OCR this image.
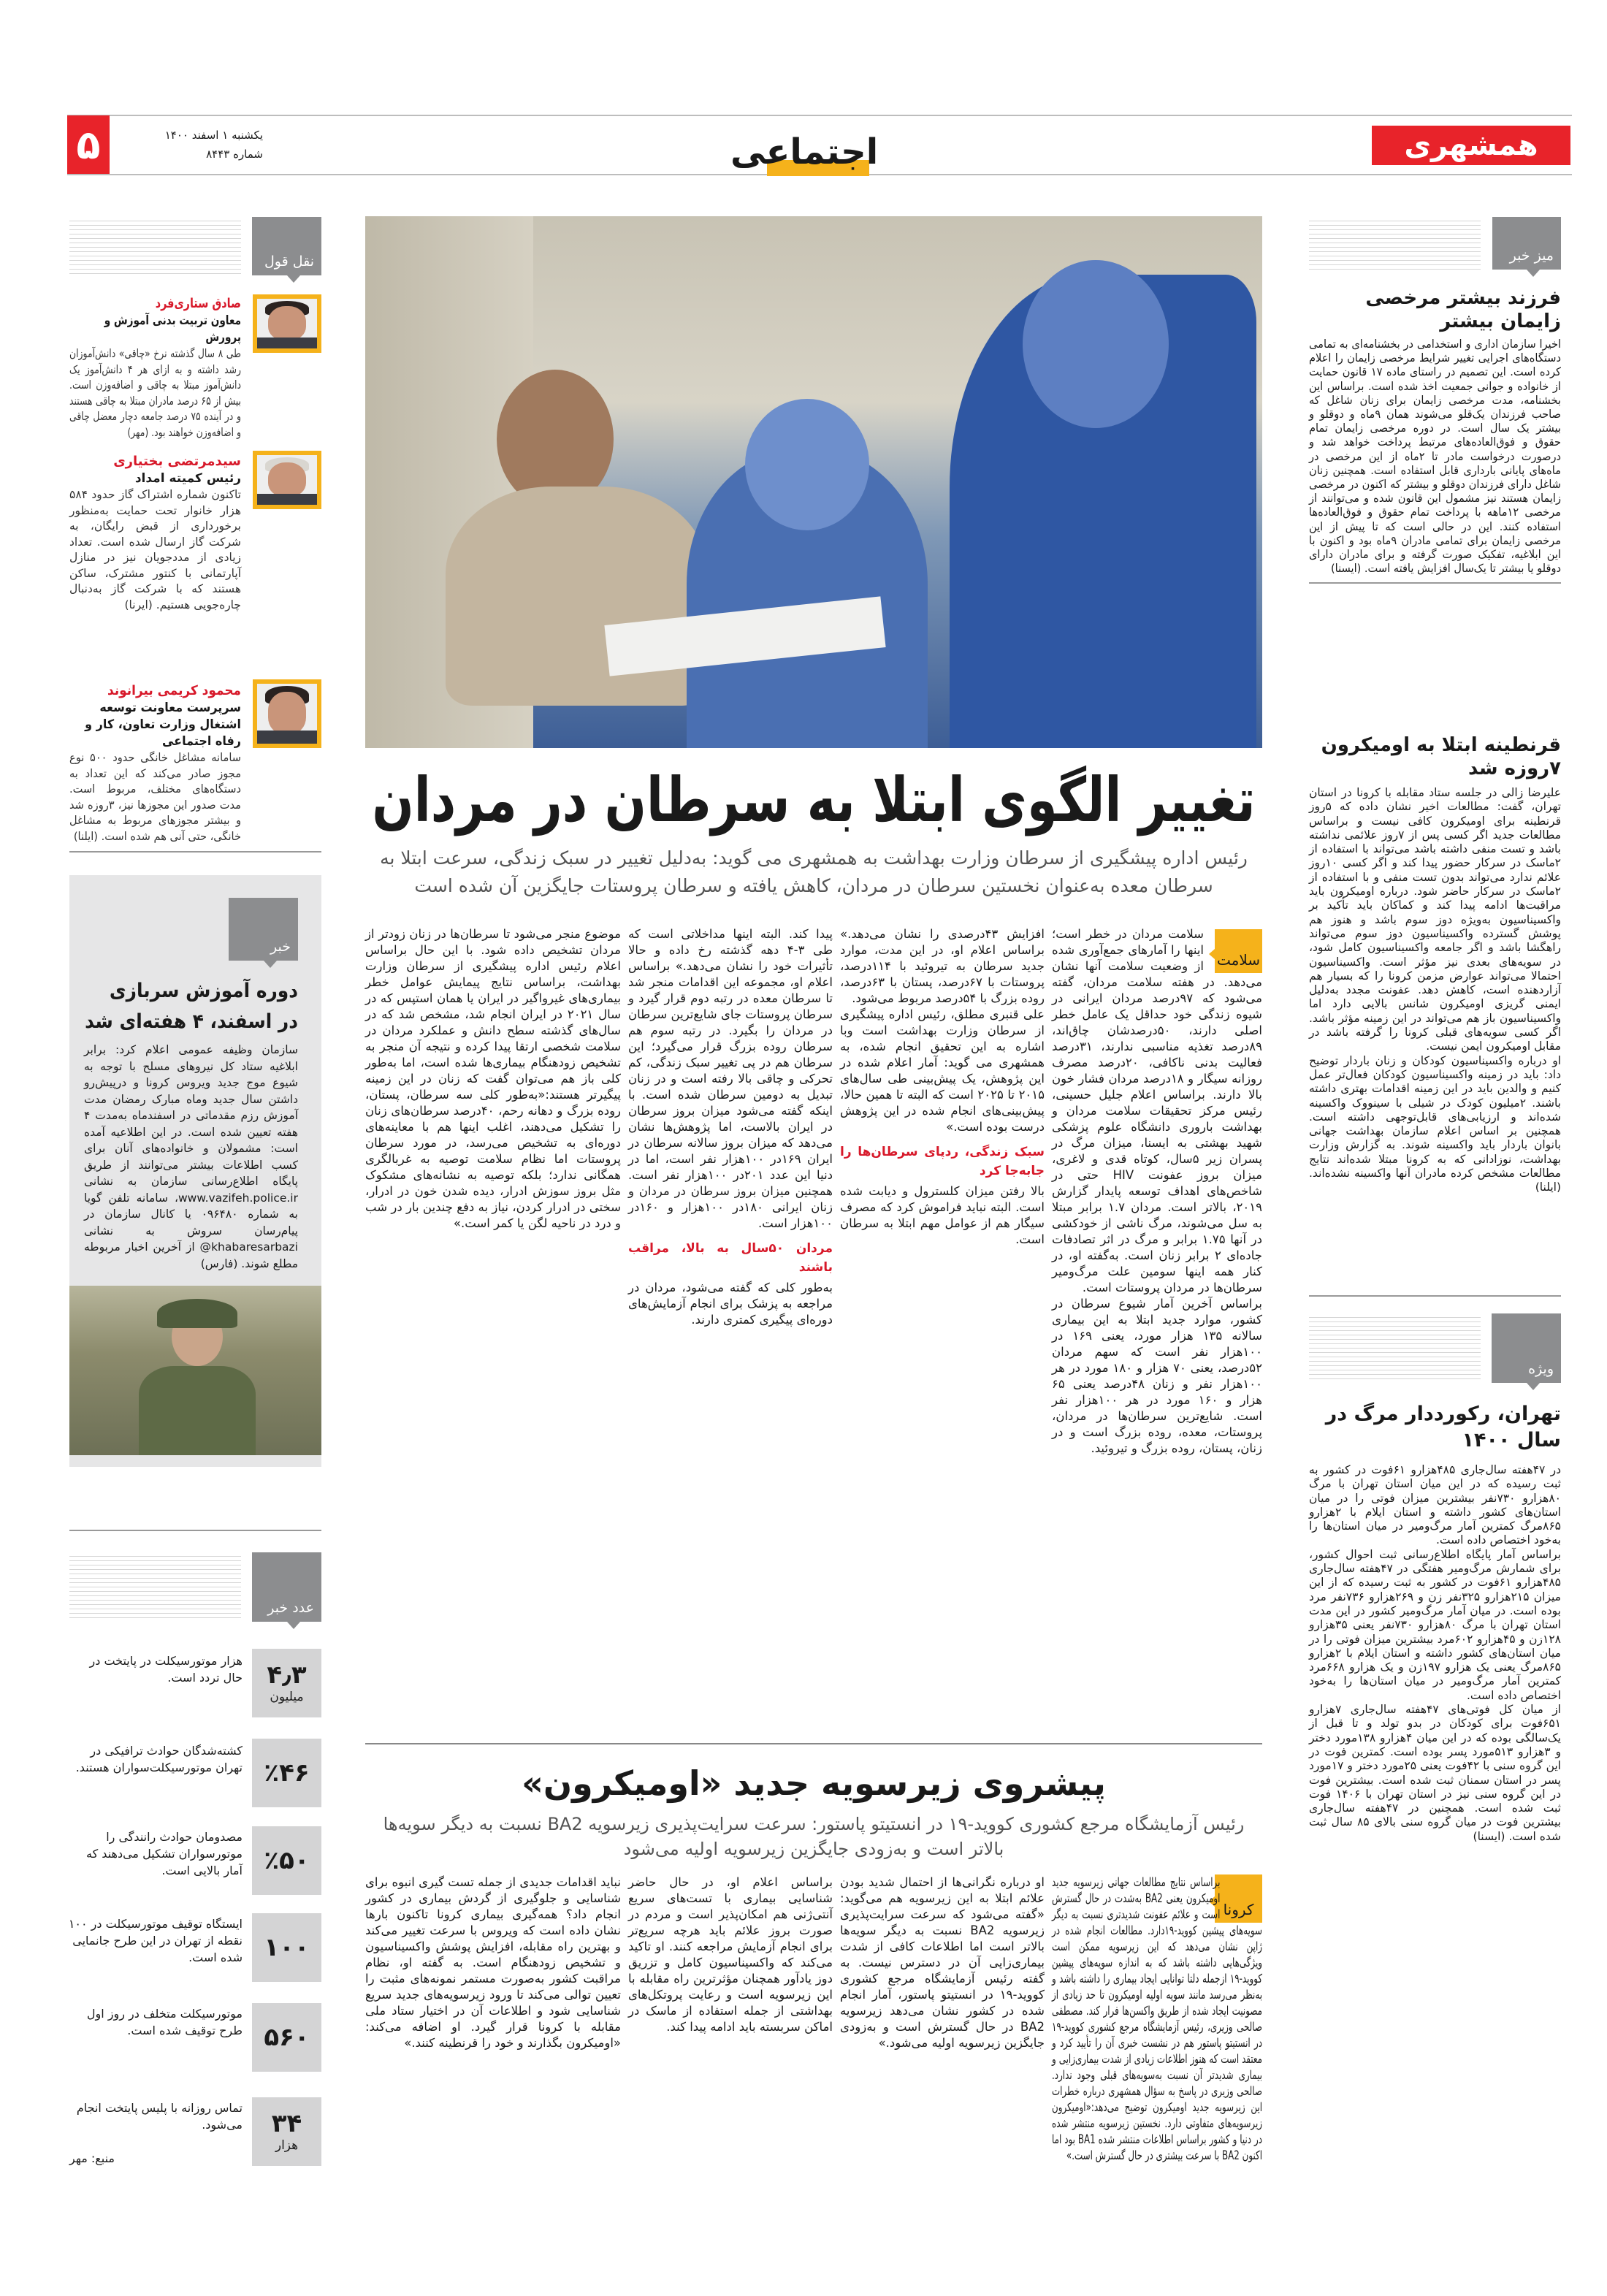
۵	یکشنبه ۱ اسفند ۱۴۰۰
شماره ۸۴۴۳	اجتماعی	همشهری
تغییر الگوی ابتلا به سرطان در مردان
رئیس اداره پیشگیری از سرطان وزارت بهداشت به همشهری می گوید: به‌دلیل تغییر در سبک زندگی، سرعت ابتلا به سرطان معده به‌عنوان نخستین سرطان در مردان، کاهش یافته و سرطان پروستات جایگزین آن شده است
سلامت

سلامت مردان در خطر است؛ اینها را آمارهای جمع‌آوری شده از وضعیت سلامت آنها نشان می‌دهد. در هفته سلامت مردان، گفته می‌شود که ۹۷درصد مردان ایرانی در شیوه زندگی خود حداقل یک عامل خطر اصلی دارند، ۵۰درصدشان چاق‌اند، ۸۹درصد تغذیه مناسبی ندارند، ۳۱درصد فعالیت بدنی ناکافی، ۲۰درصد مصرف روزانه سیگار و ۱۸درصد مردان فشار خون بالا دارند. براساس اعلام جلیل حسینی، رئیس مرکز تحقیقات سلامت مردان و بهداشت باروری دانشگاه علوم پزشکی شهید بهشتی به ایسنا، میزان مرگ در پسران زیر ۵سال، کوتاه قدی و لاغری، میزان بروز عفونت HIV حتی در شاخص‌های اهداف توسعه پایدار گزارش ۲۰۱۹، بالاتر است. مردان ۱.۷ برابر مبتلا به سل می‌شوند، مرگ ناشی از خودکشی در آنها ۱.۷۵ برابر و مرگ در اثر تصادفات جاده‌ای ۲ برابر زنان است. به‌گفته او، در کنار همه اینها سومین علت مرگ‌ومیر سرطان‌ها در مردان پروستات است.

براساس آخرین آمار شیوع سرطان در کشور، موارد جدید ابتلا به این بیماری سالانه ۱۳۵ هزار مورد، یعنی ۱۶۹ در ۱۰۰هزار نفر است که سهم مردان ۵۲درصد، یعنی ۷۰ هزار و ۱۸۰ مورد در هر ۱۰۰هزار نفر و زنان ۴۸درصد یعنی ۶۵ هزار و ۱۶۰ مورد در هر ۱۰۰هزار نفر است. شایع‌ترین سرطان‌ها در مردان، پروستات، معده، روده بزرگ است و در زنان، پستان، روده بزرگ و تیروئید.

افزایش ۴۳درصدی را نشان می‌دهد.» براساس اعلام او، در این مدت، موارد جدید سرطان به تیروئید با ۱۱۴درصد، پروستات با ۶۷درصد، پستان با ۶۳درصد، روده بزرگ با ۵۴درصد مربوط می‌شود.

علی قنبری مطلق، رئیس اداره پیشگیری از سرطان وزارت بهداشت است وبا اشاره به این تحقیق انجام شده، به همشهری می گوید: آمار اعلام شده در این پژوهش، یک پیش‌بینی طی سال‌های ۲۰۱۵ تا ۲۰۲۵ است که البته تا همین حالا، پیش‌بینی‌های انجام شده در این پژوهش درست بوده است.»

سبک زندگی، ردپای سرطان‌ها را جابه‌جا کرد

بالا رفتن میزان کلسترول و دیابت شده است. البته نباید فراموش کرد که مصرف سیگار هم از عوامل مهم ابتلا به سرطان است.

پیدا کند. البته اینها مداخلاتی است که طی ۳-۴ دهه گذشته رخ داده و حالا تأثیرات خود را نشان می‌دهد.» براساس اعلام او، مجموعه این اقدامات منجر شد تا سرطان معده در رتبه دوم قرار گیرد و سرطان پروستات جای شایع‌ترین سرطان در مردان را بگیرد. در رتبه سوم هم سرطان روده بزرگ قرار می‌گیرد؛ این سرطان هم در پی تغییر سبک زندگی، کم تحرکی و چاقی بالا رفته است و در زنان تبدیل به دومین سرطان شده است. با اینکه گفته می‌شود میزان بروز سرطان در ایران بالاست، اما پژوهش‌ها نشان می‌دهد که میزان بروز سالانه سرطان در ایران ۱۶۹در ۱۰۰هزار نفر است، اما در دنیا این عدد ۲۰۱در ۱۰۰هزار نفر است. همچنین میزان بروز سرطان در مردان و زنان ایرانی ۱۸۰در ۱۰۰هزار و ۱۶۰در ۱۰۰هزار است.

مردان ۵۰سال به بالا، مراقب باشند

به‌طور کلی که گفته می‌شود، مردان در مراجعه به پزشک برای انجام آزمایش‌های دوره‌ای پیگیری کمتری دارند.

موضوع منجر می‌شود تا سرطان‌ها در زنان زودتر از مردان تشخیص داده شود. با این حال براساس اعلام رئیس اداره پیشگیری از سرطان وزارت بهداشت، براساس نتایج پیمایش عوامل خطر بیماری‌های غیرواگیر در ایران یا همان استپس که در سال ۲۰۲۱ در ایران انجام شد، مشخص شد که در سال‌های گذشته سطح دانش و عملکرد مردان در سلامت شخصی ارتقا پیدا کرده و نتیجه آن منجر به تشخیص زودهنگام بیماری‌ها شده است، اما به‌طور کلی باز هم می‌توان گفت که زنان در این زمینه پیگیرتر هستند:«به‌طور کلی سه سرطان، پستان، روده بزرگ و دهانه رحم، ۴۰درصد سرطان‌های زنان را تشکیل می‌دهند، اغلب اینها هم با معاینه‌های دوره‌ای به تشخیص می‌رسد، در مورد سرطان پروستات اما نظام سلامت توصیه به غربالگری همگانی ندارد؛ بلکه توصیه به نشانه‌های مشکوک مثل بروز سوزش ادرار، دیده شدن خون در ادرار، سختی در ادرار کردن، نیاز به دفع چندین بار در شب و درد در ناحیه لگن یا کمر است.»

پیشروی زیرسویه جدید «اومیکرون»
رئیس آزمایشگاه مرجع کشوری کووید-۱۹ در انستیتو پاستور: سرعت سرایت‌پذیری زیرسویه BA2 نسبت به دیگر سویه‌ها بالاتر است و به‌زودی جایگزین زیرسویه اولیه می‌شود
کرونا

براساس نتایج مطالعات جهانی زیرسویه جدید اومیکرون یعنی BA2 به‌شدت در حال گسترش است و علائم عفونت شدیدتری نسبت به دیگر سویه‌های پیشین کووید-۱۹دارد. مطالعات انجام شده در ژاپن نشان می‌دهد که این زیرسویه ممکن است ویژگی‌هایی داشته باشد که به اندازه سویه‌های پیشین کووید-۱۹ ازجمله دلتا توانایی ایجاد بیماری را داشته باشد و به‌نظر می‌رسد مانند سویه اولیه اومیکرون تا حد زیادی از مصونیت ایجاد شده از طریق واکسن‌ها فرار کند. مصطفی صالحی وزیری، رئیس آزمایشگاه مرجع کشوری کووید-۱۹ در انستیتو پاستور هم در نشست خبری آن را تأیید کرد و معتقد است که هنوز اطلاعات زیادی از شدت بیماری‌زایی و بیماری شدیدتر آن نسبت به‌سویه‌های قبلی وجود ندارد. صالحی وزیری در پاسخ به سؤال همشهری درباره خطرات این زیرسویه جدید اومیکرون توضیح می‌دهد:«اومیکرون زیرسویه‌های متفاوتی دارد. نخستین زیرسویه منتشر شده در دنیا و کشور براساس اطلاعات منتشر شده BA1 بود اما اکنون BA2 با سرعت بیشتری در حال گسترش است.»

او درباره نگرانی‌ها از احتمال شدید بودن علائم ابتلا به این زیرسویه هم می‌گوید: «گفته می‌شود که سرعت سرایت‌پذیری زیرسویه BA2 نسبت به دیگر سویه‌ها بالاتر است اما اطلاعات کافی از شدت بیماری‌زایی آن در دسترس نیست. به گفته رئیس آزمایشگاه مرجع کشوری کووید-۱۹ در انستیتو پاستور، آمار انجام شده در کشور نشان می‌دهد زیرسویه BA2 در حال گسترش است و به‌زودی جایگزین زیرسویه اولیه می‌شود.»

براساس اعلام او، در حال حاضر شناسایی بیماری با تست‌های سریع آنتی‌ژنی هم امکان‌پذیر است و مردم در صورت بروز علائم باید هرچه سریع‌تر برای انجام آزمایش مراجعه کنند. او تاکید می‌کند که واکسیناسیون کامل و تزریق دوز یادآور همچنان مؤثرترین راه مقابله با این زیرسویه است و رعایت پروتکل‌های بهداشتی از جمله استفاده از ماسک در اماکن سربسته باید ادامه پیدا کند.

نباید اقدامات جدیدی از جمله تست گیری انبوه برای شناسایی و جلوگیری از گردش بیماری در کشور انجام داد؟ همه‌گیری بیماری کرونا تاکنون بارها نشان داده است که ویروس با سرعت تغییر می‌کند و بهترین راه مقابله، افزایش پوشش واکسیناسیون و تشخیص زودهنگام است. به گفته او، نظام مراقبت کشور به‌صورت مستمر نمونه‌های مثبت را تعیین توالی می‌کند تا ورود زیرسویه‌های جدید سریع شناسایی شود و اطلاعات آن در اختیار ستاد ملی مقابله با کرونا قرار گیرد. او اضافه می‌کند: «اومیکرون بگذارند و خود را قرنطینه کنند.»

نقل قول
صادق ستاری‌فرد
معاون تربیت بدنی آموزش و پرورش
طی ۸ سال گذشته نرخ «چاقی» دانش‌آموزان رشد داشته و به ازای هر ۴ دانش‌آموز یک دانش‌آموز مبتلا به چاقی و اضافه‌وزن است. بیش از ۶۵ درصد مادران مبتلا به چاقی هستند و در آینده ۷۵ درصد جامعه دچار معضل چاقی و اضافه‌وزن خواهند بود. (مهر)
سیدمرتضی بختیاری
رئیس کمیته امداد
تاکنون شماره اشتراک گاز حدود ۵۸۴ هزار خانوار تحت حمایت به‌منظور برخورداری از قبض رایگان، به شرکت گاز ارسال شده است. تعداد زیادی از مددجویان نیز در منازل آپارتمانی با کنتور مشترک، ساکن هستند که با شرکت گاز به‌دنبال چاره‌جویی هستیم. (ایرنا)
محمود کریمی بیرانوند
سرپرست معاونت توسعه اشتغال وزارت تعاون، کار و رفاه اجتماعی
سامانه مشاغل خانگی حدود ۵۰۰ نوع مجوز صادر می‌کند که این تعداد به دستگاه‌های مختلف، مربوط است. مدت صدور این مجوزها نیز، ۳روزه شد و بیشتر مجوزهای مربوط به مشاغل خانگی، حتی آنی هم شده است. (ایلنا)
خبر
دوره آموزش سربازی در اسفند، ۴ هفته‌ای شد
سازمان وظیفه عمومی اعلام کرد: برابر ابلاغیه ستاد کل نیروهای مسلح با توجه به شیوع موج جدید ویروس کرونا و درپیش‌رو داشتن سال جدید وماه مبارک رمضان مدت آموزش رزم مقدماتی در اسفندماه به‌مدت ۴ هفته تعیین شده است. در این اطلاعیه آمده است: مشمولان و خانواده‌های آنان برای کسب اطلاعات بیشتر می‌توانند از طریق پایگاه اطلاع‌رسانی سازمان به نشانی www.vazifeh.police.ir، سامانه تلفن گویا به شماره ۰۹۶۴۸۰ یا کانال سازمان در پیام‌رسان سروش به نشانی khabaresarbazi@ از آخرین اخبار مربوطه مطلع شوند. (فارس)
عدد خبر
۴٫۳
میلیون
هزار موتورسیکلت در پایتخت در حال تردد است.
٪۴۶
کشته‌شدگان حوادث ترافیکی در تهران موتورسیکلت‌سواران هستند.
٪۵۰
مصدومان حوادث رانندگی را موتورسواران تشکیل می‌دهند که آمار بالایی است.
۱۰۰
ایستگاه توقیف موتورسیکلت در ۱۰۰ نقطه از تهران در این طرح جانمایی شده است.
۵۶۰
موتورسیکلت متخلف در روز اول طرح توقیف شده است.
۳۴
هزار
تماس روزانه با پلیس پایتخت انجام می‌شود.
منبع: مهر
میز خبر
فرزند بیشتر مرخصی زایمان بیشتر
اخیرا سازمان اداری و استخدامی در بخشنامه‌ای به تمامی دستگاه‌های اجرایی تغییر شرایط مرخصی زایمان را اعلام کرده است. این تصمیم در راستای ماده ۱۷ قانون حمایت از خانواده و جوانی جمعیت اخذ شده است. براساس این بخشنامه، مدت مرخصی زایمان برای زنان شاغل که صاحب فرزندان یک‌قلو می‌شوند همان ۹ماه و دوقلو و بیشتر یک سال است. در دوره مرخصی زایمان تمام حقوق و فوق‌العاده‌های مرتبط پرداخت خواهد شد و درصورت درخواست مادر تا ۲ماه از این مرخصی در ماه‌های پایانی بارداری قابل استفاده است. همچنین زنان شاغل دارای فرزندان دوقلو و بیشتر که اکنون در مرخصی زایمان هستند نیز مشمول این قانون شده و می‌توانند از مرخصی ۱۲ماهه با پرداخت تمام حقوق و فوق‌العاده‌ها استفاده کنند. این در حالی است که تا پیش از این مرخصی زایمان برای تمامی مادران ۹ماه بود و اکنون با این ابلاغیه، تفکیک صورت گرفته و برای مادران دارای دوقلو یا بیشتر تا یک‌سال افزایش یافته است. (ایسنا)
قرنطینه ابتلا به اومیکرون ۷روزه شد

علیرضا زالی در جلسه ستاد مقابله با کرونا در استان تهران، گفت: مطالعات اخیر نشان داده که ۵روز قرنطینه برای اومیکرون کافی نیست و براساس مطالعات جدید اگر کسی پس از ۷روز علائمی نداشته باشد و تست منفی داشته باشد می‌تواند با استفاده از ۲ماسک در سرکار حضور پیدا کند و اگر کسی ۱۰روز علائم ندارد می‌تواند بدون تست منفی و با استفاده از ۲ماسک در سرکار حاضر شود. درباره اومیکرون باید مراقبت‌ها ادامه پیدا کند و کماکان باید تأکید بر واکسیناسیون به‌ویژه دوز سوم باشد و هنوز هم پوشش گسترده واکسیناسیون دوز سوم می‌تواند راهگشا باشد و اگر جامعه واکسیناسیون کامل شود، در سویه‌های بعدی نیز مؤثر است. واکسیناسیون احتمالا می‌تواند عوارض مزمن کرونا را که بسیار هم آزاردهنده است، کاهش دهد. عفونت مجدد به‌دلیل ایمنی گریزی اومیکرون شانس بالایی دارد اما واکسیناسیون باز هم می‌تواند در این زمینه مؤثر باشد. اگر کسی سویه‌های قبلی کرونا را گرفته باشد در مقابل اومیکرون ایمن نیست.

او درباره واکسیناسیون کودکان و زنان باردار توضیح داد: باید در زمینه واکسیناسیون کودکان فعال‌تر عمل کنیم و والدین باید در این زمینه اقدامات بهتری داشته باشند. ۲میلیون کودک در شیلی با سینووک واکسینه شده‌اند و ارزیابی‌های قابل‌توجهی داشته است. همچنین بر اساس اعلام سازمان بهداشت جهانی بانوان باردار باید واکسینه شوند. به گزارش وزارت بهداشت، نوزادانی که به کرونا مبتلا شده‌اند نتایج مطالعات مشخص کرده مادران آنها واکسینه نشده‌اند. (ایلنا)

ویژه
تهران، رکورددار مرگ در سال ۱۴۰۰

در ۴۷هفته سال‌جاری ۴۸۵هزارو ۶۱فوت در کشور به ثبت رسیده که در این میان استان تهران با مرگ ۸۰هزارو ۷۳۰نفر بیشترین میزان فوتی را در میان استان‌های کشور داشته و استان ایلام با ۲هزارو ۸۶۵مرگ کمترین آمار مرگ‌ومیر در میان استان‌ها را به‌خود اختصاص داده است.

براساس آمار پایگاه اطلاع‌رسانی ثبت احوال کشور، برای شمارش مرگ‌ومیر هفتگی در ۴۷هفته سال‌جاری ۴۸۵هزارو ۶۱فوت در کشور به ثبت رسیده که از این میزان ۲۱۵هزارو ۳۲۵نفر زن و ۲۶۹هزارو ۷۳۶نفر مرد بوده است. در میان آمار مرگ‌ومیر کشور در این مدت استان تهران با مرگ ۸۰هزارو ۷۳۰نفر یعنی ۳۵هزارو ۱۲۸زن و ۴۵هزارو ۶۰۲مرد بیشترین میزان فوتی را در میان استان‌های کشور داشته و استان ایلام با ۲هزارو ۸۶۵مرگ یعنی یک هزارو ۱۹۷زن و یک هزارو ۶۶۸مرد کمترین آمار مرگ‌ومیر در میان استان‌ها را به‌خود اختصاص داده است.

از میان کل فوتی‌های ۴۷هفته سال‌جاری ۷هزارو ۶۵۱فوت برای کودکان در بدو تولد و تا قبل از یک‌سالگی بوده که در این میان ۴هزارو ۱۳۸مورد دختر و ۳هزارو ۵۱۳مورد پسر بوده است. کمترین فوت در این گروه سنی با ۴۲فوت یعنی ۲۵مورد دختر و ۱۷مورد پسر در استان سمنان ثبت شده است. بیشترین فوت در این گروه سنی نیز در استان تهران با ۱۴۰۶ فوت ثبت شده است. همچنین در ۴۷هفته سال‌جاری بیشترین فوت در میان گروه سنی بالای ۸۵ سال ثبت شده است. (ایسنا)
